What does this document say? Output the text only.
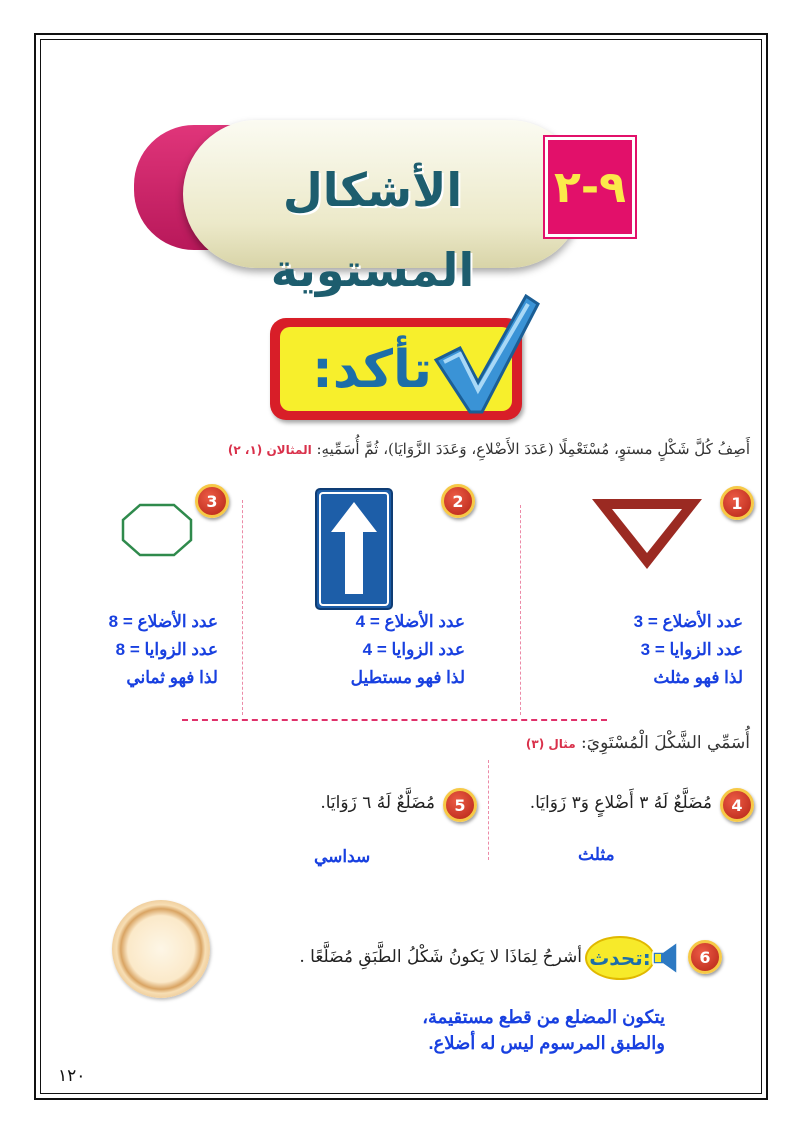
الأشكال المستوية
٩-٢
تأكد:
أَصِفُ كُلَّ شَكْلٍ مستوٍ، مُسْتَعْمِلًا (عَدَدَ الأَضْلاعِ، وَعَدَدَ الزَّوَايَا)، ثُمَّ أُسَمِّيهِ: المثالان (١، ٢)
1
2
3
عدد الأضلاع = 3
عدد الزوايا = 3
لذا فهو مثلث
عدد الأضلاع = 4
عدد الزوايا = 4
لذا فهو مستطيل
عدد الأضلاع = 8
عدد الزوايا = 8
لذا فهو ثماني
أُسَمِّي الشَّكْلَ الْمُسْتَوِيَ: مثال (٣)
4
مُضَلَّعٌ لَهُ ٣ أَضْلاعٍ وَ٣ زَوَايَا.
5
مُضَلَّعٌ لَهُ ٦ زَوَايَا.
مثلث
سداسي
6
تحدث:
أشرحُ لِمَاذَا لا يَكونُ شَكْلُ الطَّبَقِ مُضَلَّعًا .
يتكون المضلع من قطع مستقيمة،
والطبق المرسوم ليس له أضلاع.
١٢٠
